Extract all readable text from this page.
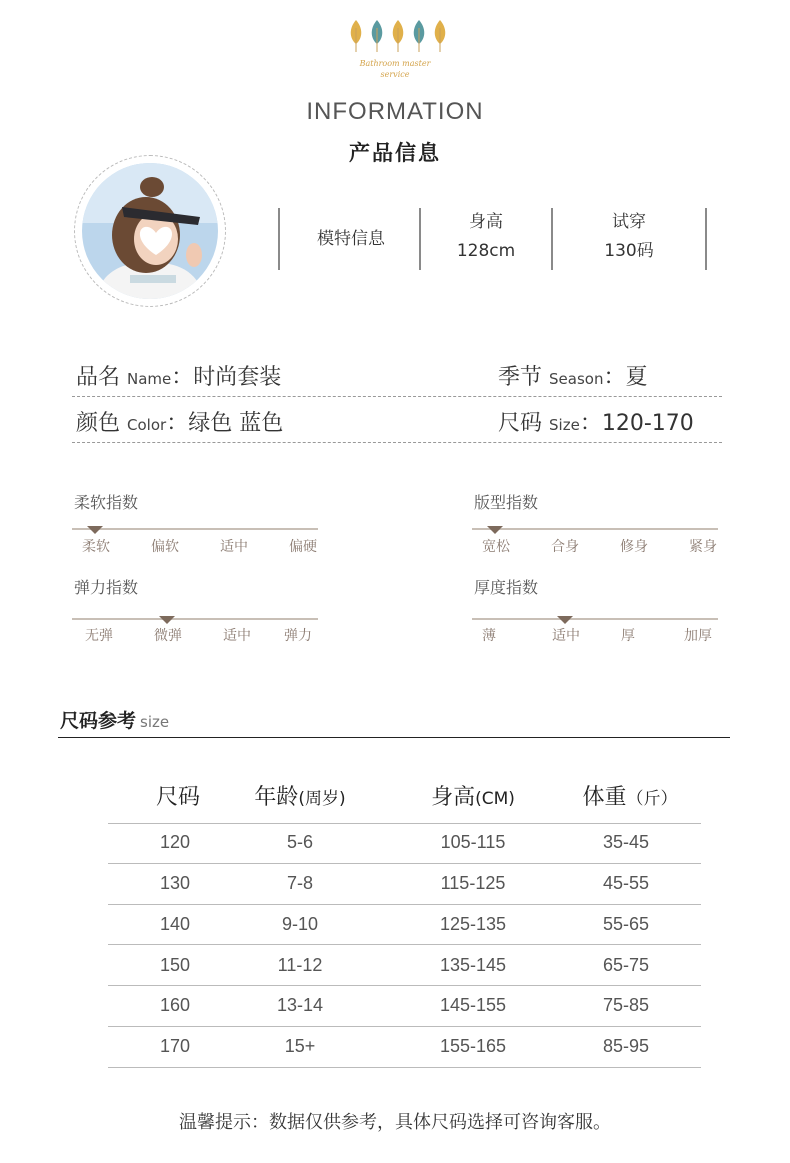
Bathroom master
service
INFORMATION
产品信息
模特信息
身高
128cm
试穿
130码
品名 Name：时尚套装	季节 Season：夏
颜色 Color：绿色 蓝色	尺码 Size：120-170
柔软指数
柔软	偏软	适中	偏硬
版型指数
宽松	合身	修身	紧身
弹力指数
无弹	微弹	适中	弹力
厚度指数
薄	适中	厚	加厚
尺码参考 size
尺码	年龄(周岁)	身高(CM)	体重（斤）
120	5-6	105-115	35-45
130	7-8	115-125	45-55
140	9-10	125-135	55-65
150	11-12	135-145	65-75
160	13-14	145-155	75-85
170	15+	155-165	85-95
温馨提示：数据仅供参考，具体尺码选择可咨询客服。
